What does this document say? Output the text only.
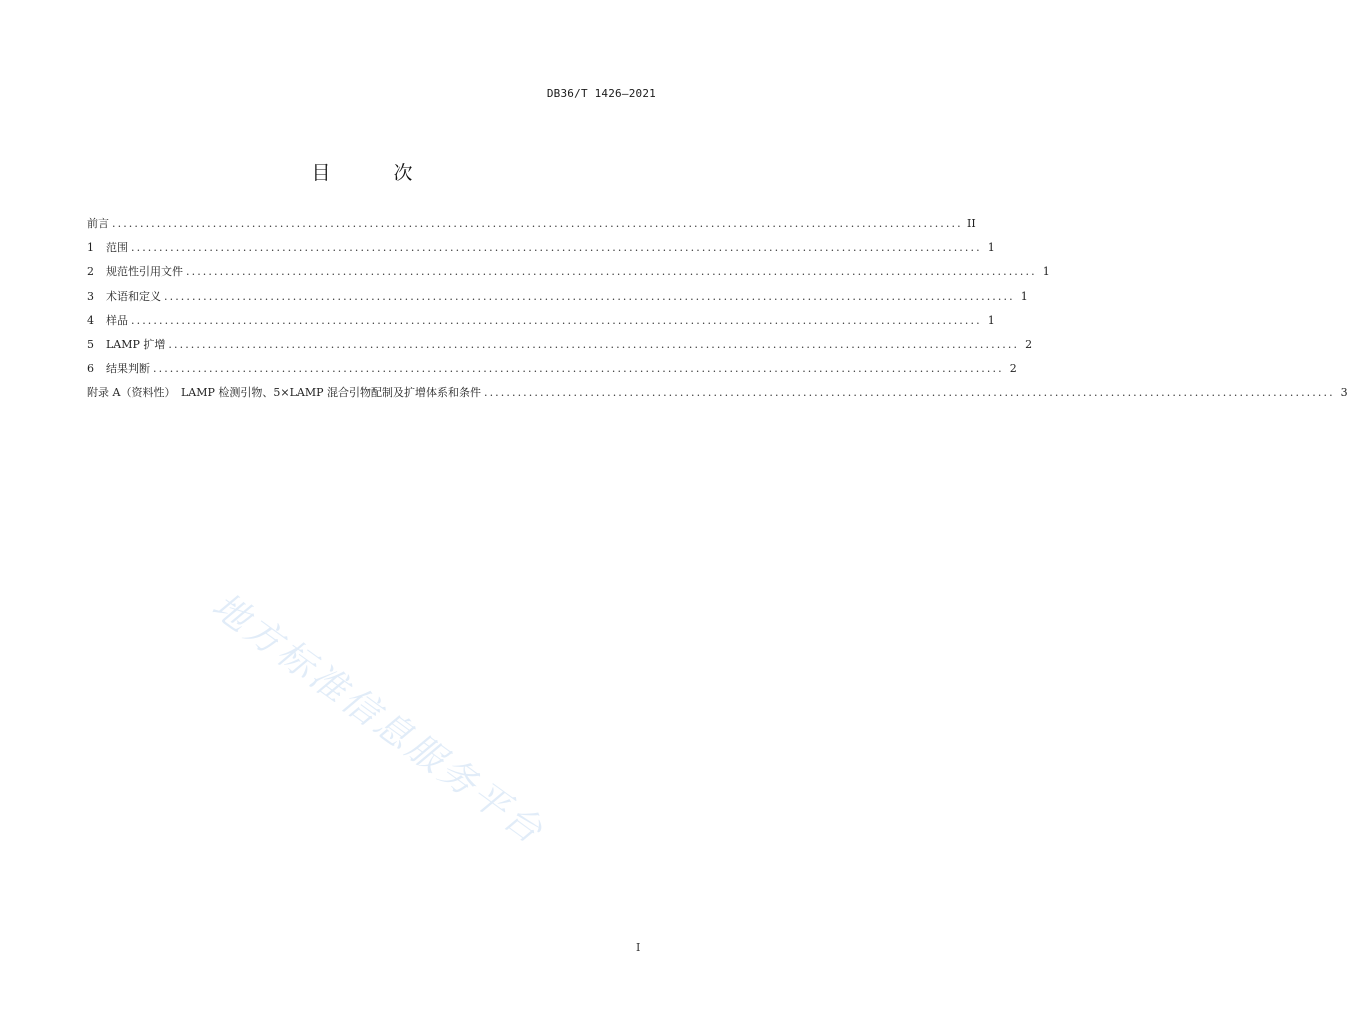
DB36/T 1426—2021
目　次
前言 ........................................................................................................................................................ II
1	范围 ........................................................................................................................................................ 1
2	规范性引用文件 ........................................................................................................................................................ 1
3	术语和定义 ........................................................................................................................................................ 1
4	样品 ........................................................................................................................................................ 1
5	LAMP 扩增 ........................................................................................................................................................ 2
6	结果判断 ........................................................................................................................................................ 2
附录 A（资料性）　LAMP 检测引物、5×LAMP 混合引物配制及扩增体系和条件 ........................................................................................................................................................ 3
地方标准信息服务平台
I
